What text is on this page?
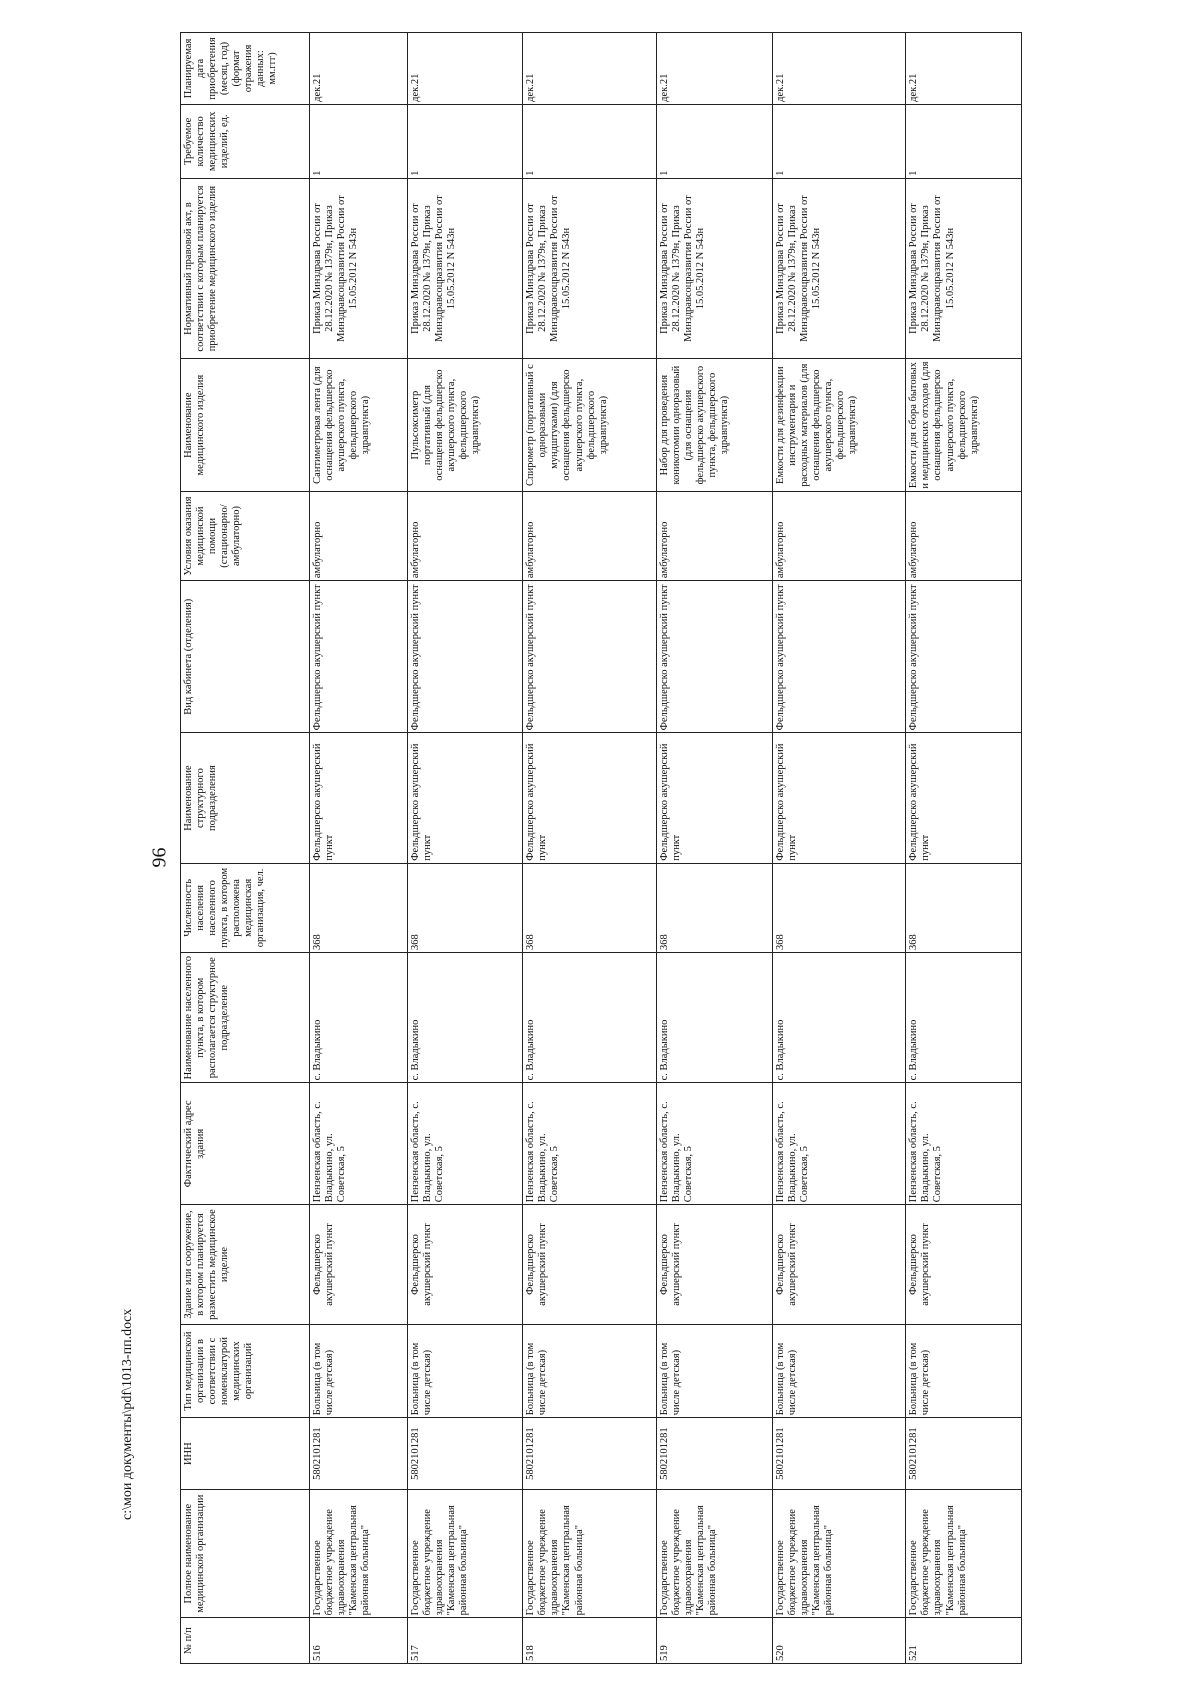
96
№ п/п	Полное наименование медицинской организации	ИНН	Тип медицинской организации в соответствии с номенклатурой медицинских организаций	Здание или сооружение, в котором планируется разместить медицинское изделие	Фактический адрес здания	Наименование населенного пункта, в котором располагается структурное подразделение	Численность населения населенного пункта, в котором расположена медицинская организация, чел.	Наименование структурного подразделения	Вид кабинета (отделения)	Условия оказания медицинской помощи (стационарно/ амбулаторно)	Наименование медицинского изделия	Нормативный правовой акт, в соответствии с которым планируется приобретение медицинского изделия	Требуемое количество медицинских изделий, ед.	Планируемая дата приобретения (месяц, год) (формат отражения данных: мм.ггг)
516	Государственное бюджетное учреждение здравоохранения "Каменская центральная районная больница"	5802101281	Больница (в том числе детская)	Фельдшерско акушерский пункт	Пензенская область, с. Владыкино, ул. Советская, 5	с. Владыкино	368	Фельдшерско акушерский пункт	Фельдшерско акушерский пункт	амбулаторно	Сантиметровая лента (для оснащения фельдшерско акушерского пункта, фельдшерского здравпункта)	Приказ Минздрава России от 28.12.2020 № 1379н, Приказ Минздравсоцразвития России от 15.05.2012 N 543н	1	дек.21
517	Государственное бюджетное учреждение здравоохранения "Каменская центральная районная больница"	5802101281	Больница (в том числе детская)	Фельдшерско акушерский пункт	Пензенская область, с. Владыкино, ул. Советская, 5	с. Владыкино	368	Фельдшерско акушерский пункт	Фельдшерско акушерский пункт	амбулаторно	Пульсоксиметр портативный (для оснащения фельдшерско акушерского пункта, фельдшерского здравпункта)	Приказ Минздрава России от 28.12.2020 № 1379н, Приказ Минздравсоцразвития России от 15.05.2012 N 543н	1	дек.21
518	Государственное бюджетное учреждение здравоохранения "Каменская центральная районная больница"	5802101281	Больница (в том числе детская)	Фельдшерско акушерский пункт	Пензенская область, с. Владыкино, ул. Советская, 5	с. Владыкино	368	Фельдшерско акушерский пункт	Фельдшерско акушерский пункт	амбулаторно	Спирометр (портативный с одноразовыми мундштуками) (для оснащения фельдшерско акушерского пункта, фельдшерского здравпункта)	Приказ Минздрава России от 28.12.2020 № 1379н, Приказ Минздравсоцразвития России от 15.05.2012 N 543н	1	дек.21
519	Государственное бюджетное учреждение здравоохранения "Каменская центральная районная больница"	5802101281	Больница (в том числе детская)	Фельдшерско акушерский пункт	Пензенская область, с. Владыкино, ул. Советская, 5	с. Владыкино	368	Фельдшерско акушерский пункт	Фельдшерско акушерский пункт	амбулаторно	Набор для проведения коникотомии одноразовый (для оснащения фельдшерско акушерского пункта, фельдшерского здравпункта)	Приказ Минздрава России от 28.12.2020 № 1379н, Приказ Минздравсоцразвития России от 15.05.2012 N 543н	1	дек.21
520	Государственное бюджетное учреждение здравоохранения "Каменская центральная районная больница"	5802101281	Больница (в том числе детская)	Фельдшерско акушерский пункт	Пензенская область, с. Владыкино, ул. Советская, 5	с. Владыкино	368	Фельдшерско акушерский пункт	Фельдшерско акушерский пункт	амбулаторно	Емкости для дезинфекции инструментария и расходных материалов (для оснащения фельдшерско акушерского пункта, фельдшерского здравпункта)	Приказ Минздрава России от 28.12.2020 № 1379н, Приказ Минздравсоцразвития России от 15.05.2012 N 543н	1	дек.21
521	Государственное бюджетное учреждение здравоохранения "Каменская центральная районная больница"	5802101281	Больница (в том числе детская)	Фельдшерско акушерский пункт	Пензенская область, с. Владыкино, ул. Советская, 5	с. Владыкино	368	Фельдшерско акушерский пункт	Фельдшерско акушерский пункт	амбулаторно	Емкости для сбора бытовых и медицинских отходов (для оснащения фельдшерско акушерского пункта, фельдшерского здравпункта)	Приказ Минздрава России от 28.12.2020 № 1379н, Приказ Минздравсоцразвития России от 15.05.2012 N 543н	1	дек.21
c:\мои документы\pdf\1013-пп.docx
